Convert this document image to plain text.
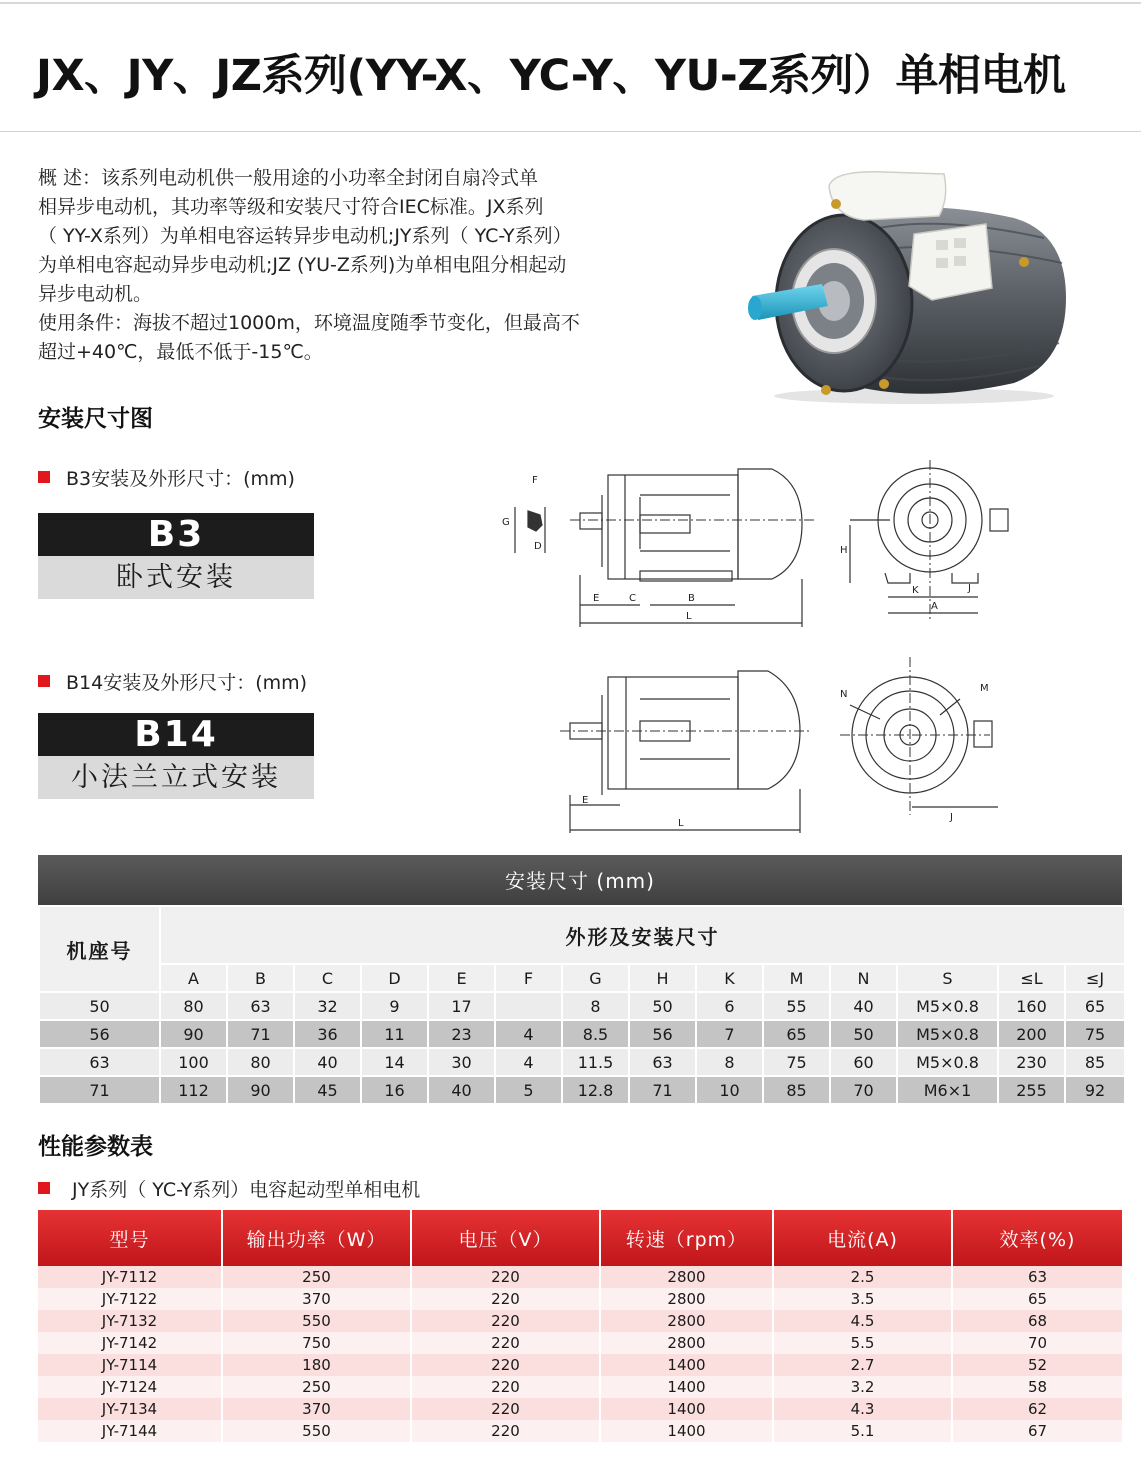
JX、JY、JZ系列(YY-X、YC-Y、YU-Z系列）单相电机

概 述：该系列电动机供一般用途的小功率全封闭自扇冷式单

相异步电动机，其功率等级和安装尺寸符合IEC标准。JX系列

（ YY-X系列）为单相电容运转异步电动机;JY系列（ YC-Y系列）

为单相电容起动异步电动机;JZ (YU-Z系列)为单相电阻分相起动

异步电动机。

使用条件：海拔不超过1000m，环境温度随季节变化，但最高不

超过+40℃，最低不低于-15℃。

安装尺寸图
B3安装及外形尺寸：(mm)
B3
卧式安装
F
G
D
E	C	B
L
H
K
A
J
B14安装及外形尺寸：(mm)
B14
小法兰立式安装
E
L
N
M
J
安装尺寸 (mm)
机座号	外形及安装尺寸													
	A	B	C	D	E	F	G	H	K	M	N	S	≤L	≤J
50	80	63	32	9	17		8	50	6	55	40	M5×0.8	160	65
56	90	71	36	11	23	4	8.5	56	7	65	50	M5×0.8	200	75
63	100	80	40	14	30	4	11.5	63	8	75	60	M5×0.8	230	85
71	112	90	45	16	40	5	12.8	71	10	85	70	M6×1	255	92
性能参数表
JY系列（ YC-Y系列）电容起动型单相电机
型号	输出功率（W）	电压（V）	转速（rpm）	电流(A)	效率(%)
JY-7112	250	220	2800	2.5	63
JY-7122	370	220	2800	3.5	65
JY-7132	550	220	2800	4.5	68
JY-7142	750	220	2800	5.5	70
JY-7114	180	220	1400	2.7	52
JY-7124	250	220	1400	3.2	58
JY-7134	370	220	1400	4.3	62
JY-7144	550	220	1400	5.1	67
